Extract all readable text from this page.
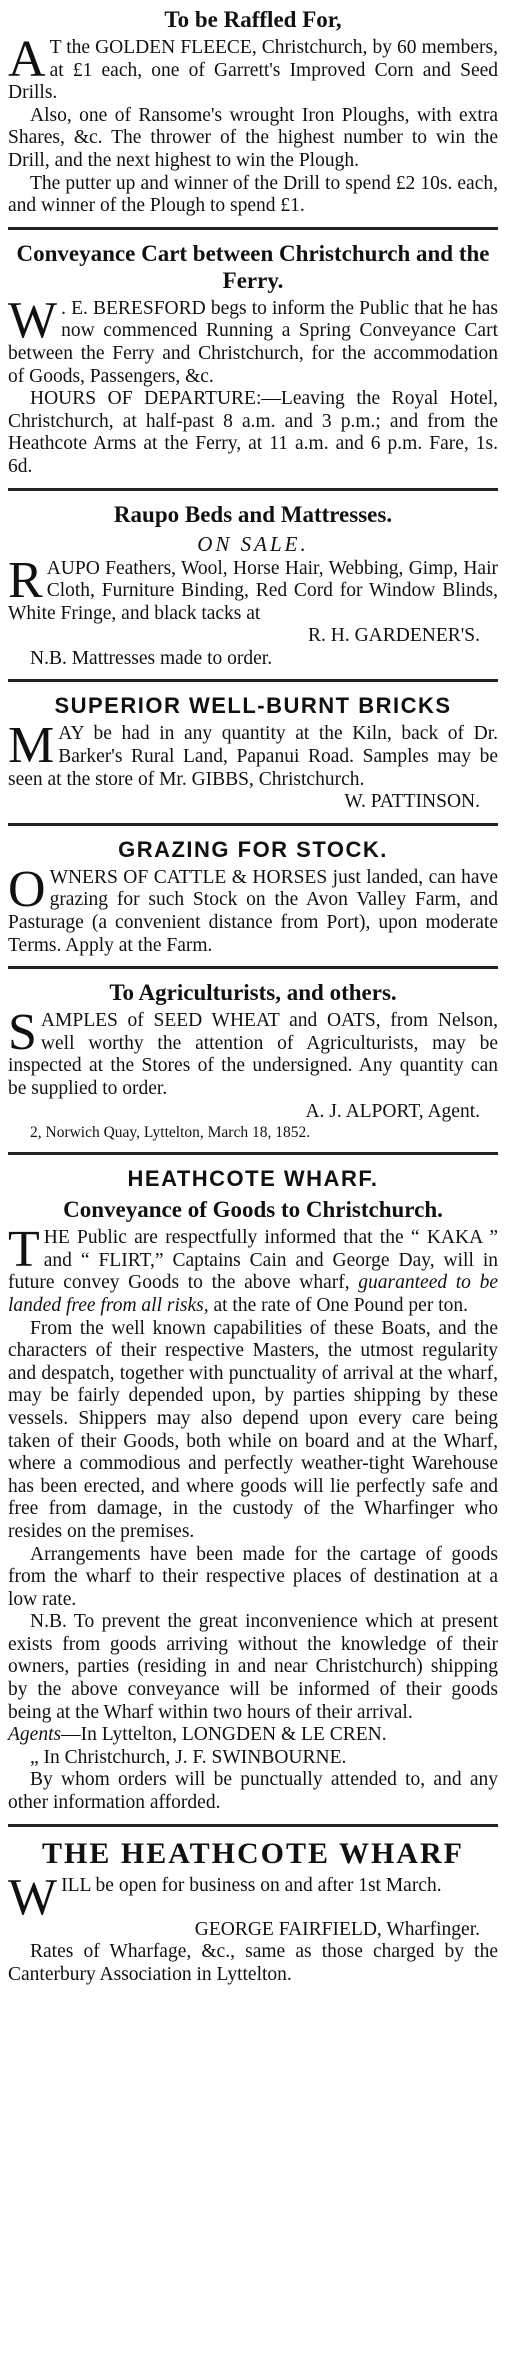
To be Raffled For,

A T the GOLDEN FLEECE, Christchurch, by 60 members, at £1 each, one of Garrett's Improved Corn and Seed Drills.

Also, one of Ransome's wrought Iron Ploughs, with extra Shares, &c. The thrower of the highest number to win the Drill, and the next highest to win the Plough.

The putter up and winner of the Drill to spend £2 10s. each, and winner of the Plough to spend £1.

Conveyance Cart between Christchurch and the Ferry.

W . E. BERESFORD begs to inform the Public that he has now commenced Running a Spring Conveyance Cart between the Ferry and Christchurch, for the accommodation of Goods, Passengers, &c.

HOURS OF DEPARTURE:—Leaving the Royal Hotel, Christchurch, at half-past 8 a.m. and 3 p.m.; and from the Heathcote Arms at the Ferry, at 11 a.m. and 6 p.m. Fare, 1s. 6d.

Raupo Beds and Mattresses.
ON SALE.

RAUPO Feathers, Wool, Horse Hair, Webbing, Gimp, Hair Cloth, Furniture Binding, Red Cord for Window Blinds, White Fringe, and black tacks at

R. H. GARDENER'S.

N.B. Mattresses made to order.

SUPERIOR WELL-BURNT BRICKS

MAY be had in any quantity at the Kiln, back of Dr. Barker's Rural Land, Papanui Road. Samples may be seen at the store of Mr. GIBBS, Christchurch.

W. PATTINSON.

GRAZING FOR STOCK.

OWNERS OF CATTLE & HORSES just landed, can have grazing for such Stock on the Avon Valley Farm, and Pasturage (a convenient distance from Port), upon moderate Terms. Apply at the Farm.

To Agriculturists, and others.

SAMPLES of SEED WHEAT and OATS, from Nelson, well worthy the attention of Agriculturists, may be inspected at the Stores of the undersigned. Any quantity can be supplied to order.

A. J. ALPORT, Agent.

2, Norwich Quay, Lyttelton, March 18, 1852.

HEATHCOTE WHARF.
Conveyance of Goods to Christchurch.

THE Public are respectfully informed that the “ KAKA ” and “ FLIRT,” Captains Cain and George Day, will in future convey Goods to the above wharf, guaranteed to be landed free from all risks, at the rate of One Pound per ton.

From the well known capabilities of these Boats, and the characters of their respective Masters, the utmost regularity and despatch, together with punctuality of arrival at the wharf, may be fairly depended upon, by parties shipping by these vessels. Shippers may also depend upon every care being taken of their Goods, both while on board and at the Wharf, where a commodious and perfectly weather-tight Warehouse has been erected, and where goods will lie perfectly safe and free from damage, in the custody of the Wharfinger who resides on the premises.

Arrangements have been made for the cartage of goods from the wharf to their respective places of destination at a low rate.

N.B. To prevent the great inconvenience which at present exists from goods arriving without the knowledge of their owners, parties (residing in and near Christchurch) shipping by the above conveyance will be informed of their goods being at the Wharf within two hours of their arrival.

Agents—In Lyttelton, LONGDEN & LE CREN.

„ In Christchurch, J. F. SWINBOURNE.

By whom orders will be punctually attended to, and any other information afforded.

THE HEATHCOTE WHARF

WILL be open for business on and after 1st March.

GEORGE FAIRFIELD, Wharfinger.

Rates of Wharfage, &c., same as those charged by the Canterbury Association in Lyttelton.
